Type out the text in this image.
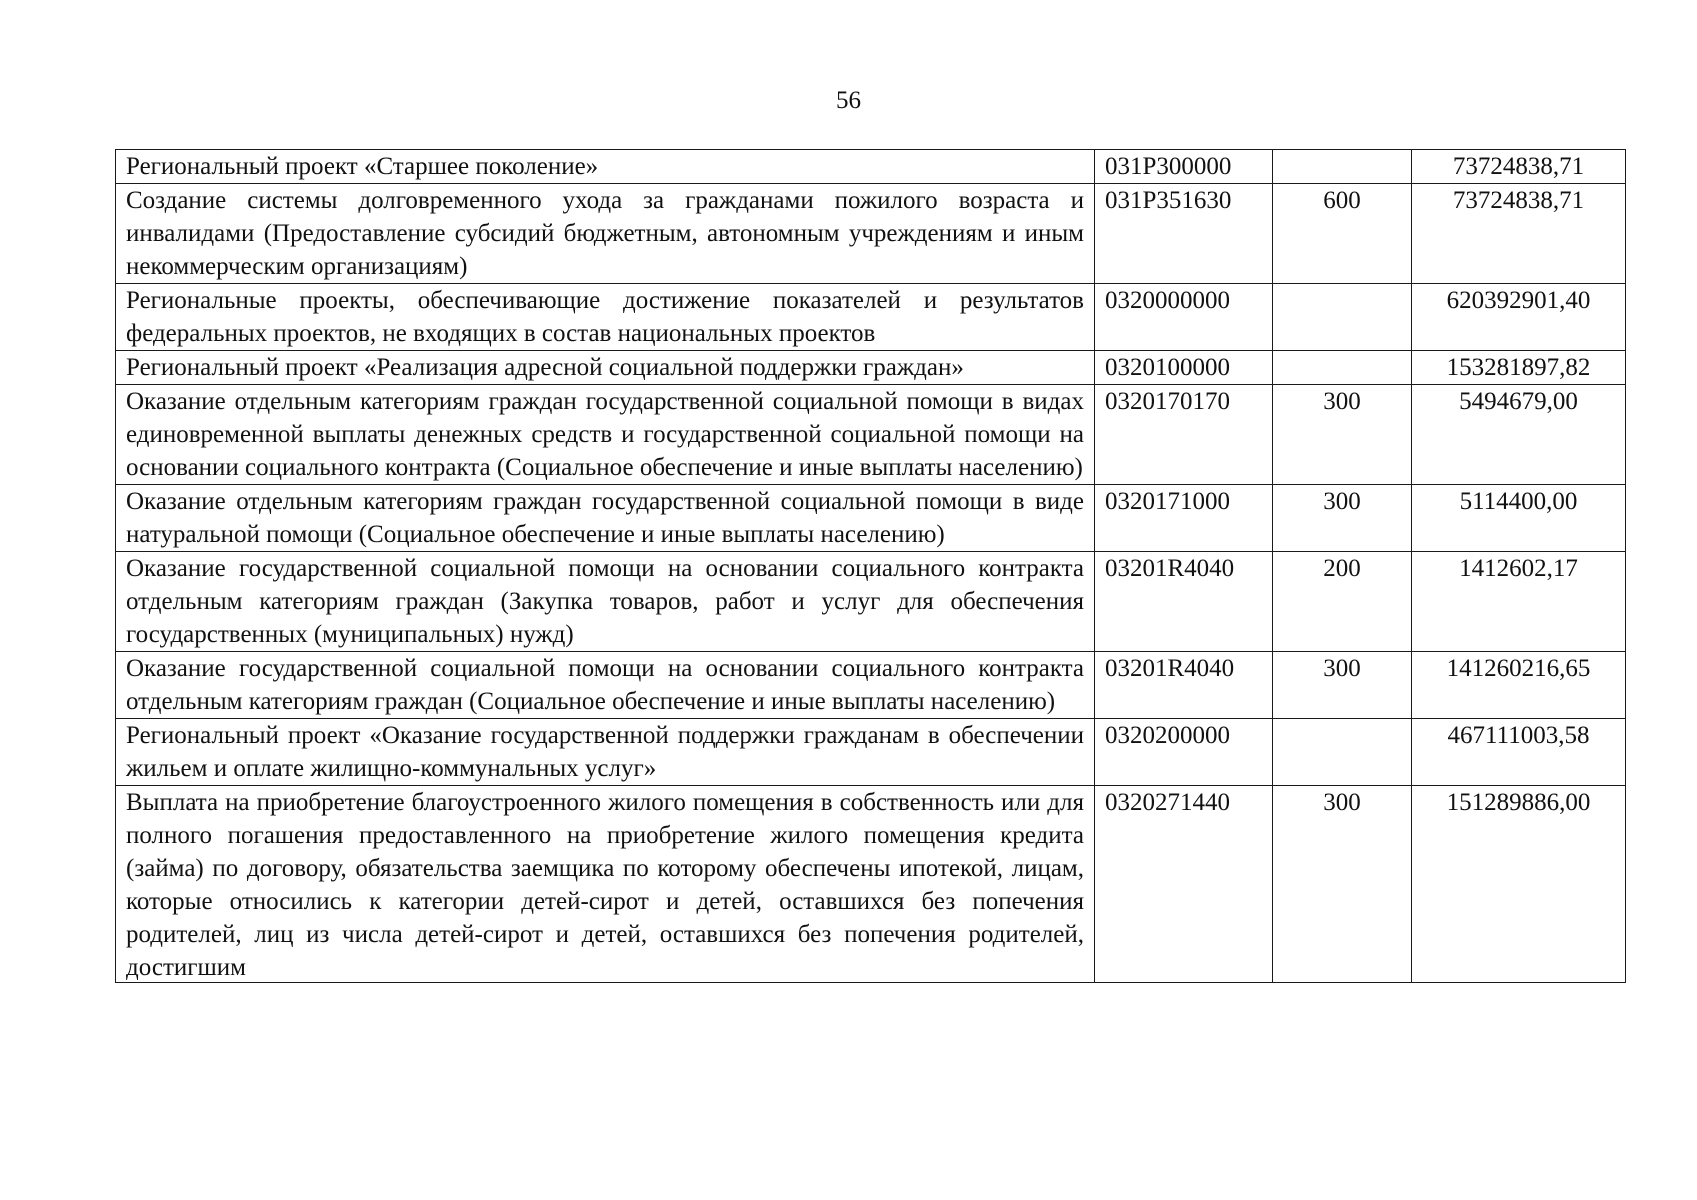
56
Региональный проект «Старшее поколение»	031P300000		73724838,71
Создание системы долговременного ухода за гражданами пожилого возраста и инвалидами (Предоставление субсидий бюджетным, автономным учреждениям и иным некоммерческим организациям)	031P351630	600	73724838,71
Региональные проекты, обеспечивающие достижение показателей и результатов федеральных проектов, не входящих в состав национальных проектов	0320000000		620392901,40
Региональный проект «Реализация адресной социальной поддержки граждан»	0320100000		153281897,82
Оказание отдельным категориям граждан государственной социальной помощи в видах единовременной выплаты денежных средств и государственной социальной помощи на основании социального контракта (Социальное обеспечение и иные выплаты населению)	0320170170	300	5494679,00
Оказание отдельным категориям граждан государственной социальной помощи в виде натуральной помощи (Социальное обеспечение и иные выплаты населению)	0320171000	300	5114400,00
Оказание государственной социальной помощи на основании социального контракта отдельным категориям граждан (Закупка товаров, работ и услуг для обеспечения государственных (муниципальных) нужд)	03201R4040	200	1412602,17
Оказание государственной социальной помощи на основании социального контракта отдельным категориям граждан (Социальное обеспечение и иные выплаты населению)	03201R4040	300	141260216,65
Региональный проект «Оказание государственной поддержки гражданам в обеспечении жильем и оплате жилищно-коммунальных услуг»	0320200000		467111003,58

Выплата на приобретение благоустроенного жилого помещения в собственность или для полного погашения предоставленного на приобретение жилого помещения кредита (займа) по договору, обязательства заемщика по которому обеспечены ипотекой, лицам, которые относились к категории детей-сирот и детей, оставшихся без попечения родителей, лиц из числа детей-сирот и детей, оставшихся без попечения родителей, достигшим	0320271440	300	151289886,00
